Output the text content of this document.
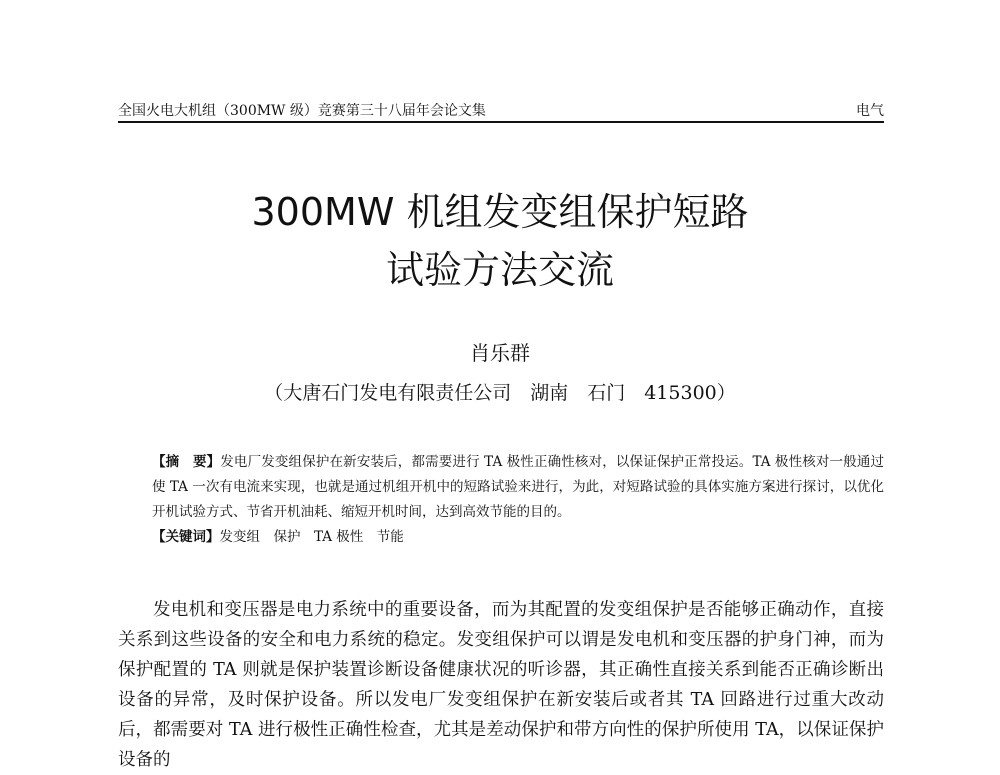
全国火电大机组（300MW 级）竞赛第三十八届年会论文集	电气
300MW 机组发变组保护短路
试验方法交流
肖乐群
（大唐石门发电有限责任公司　湖南　石门　415300）

【摘　要】发电厂发变组保护在新安装后，都需要进行 TA 极性正确性核对，以保证保护正常投运。TA 极性核对一般通过使 TA 一次有电流来实现，也就是通过机组开机中的短路试验来进行，为此，对短路试验的具体实施方案进行探讨，以优化开机试验方式、节省开机油耗、缩短开机时间，达到高效节能的目的。

【关键词】发变组　保护　TA 极性　节能

发电机和变压器是电力系统中的重要设备，而为其配置的发变组保护是否能够正确动作，直接关系到这些设备的安全和电力系统的稳定。发变组保护可以谓是发电机和变压器的护身门神，而为保护配置的 TA 则就是保护装置诊断设备健康状况的听诊器，其正确性直接关系到能否正确诊断出设备的异常，及时保护设备。所以发电厂发变组保护在新安装后或者其 TA 回路进行过重大改动后，都需要对 TA 进行极性正确性检查，尤其是差动保护和带方向性的保护所使用 TA，以保证保护设备的
